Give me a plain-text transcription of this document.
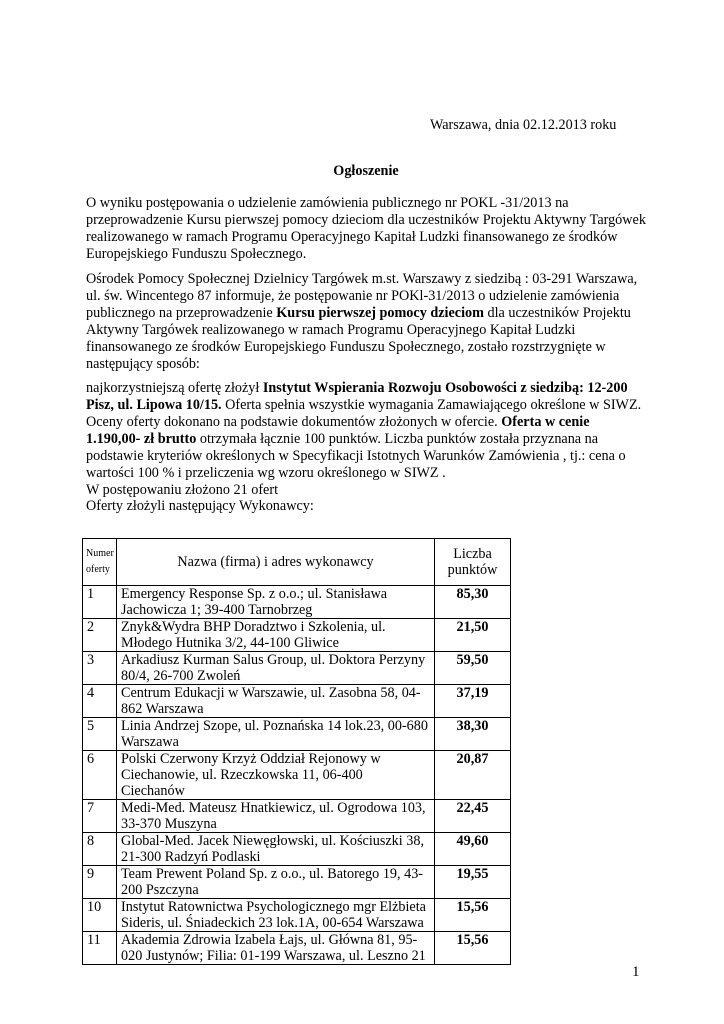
Warszawa, dnia 02.12.2013 roku
Ogłoszenie
O wyniku postępowania o udzielenie zamówienia publicznego nr POKL -31/2013 na przeprowadzenie Kursu pierwszej pomocy dzieciom dla uczestników Projektu Aktywny Targówek realizowanego w ramach Programu Operacyjnego Kapitał Ludzki finansowanego ze środków Europejskiego Funduszu Społecznego.
Ośrodek Pomocy Społecznej Dzielnicy Targówek m.st. Warszawy z siedzibą : 03-291 Warszawa, ul. św. Wincentego 87 informuje, że postępowanie nr POKl-31/2013 o udzielenie zamówienia publicznego na przeprowadzenie Kursu pierwszej pomocy dzieciom dla uczestników Projektu Aktywny Targówek realizowanego w ramach Programu Operacyjnego Kapitał Ludzki finansowanego ze środków Europejskiego Funduszu Społecznego, zostało rozstrzygnięte w następujący sposób:
najkorzystniejszą ofertę złożył Instytut Wspierania Rozwoju Osobowości z siedzibą: 12-200 Pisz, ul. Lipowa 10/15. Oferta spełnia wszystkie wymagania Zamawiającego określone w SIWZ. Oceny oferty dokonano na podstawie dokumentów złożonych w ofercie. Oferta w cenie 1.190,00- zł brutto otrzymała łącznie 100 punktów. Liczba punktów została przyznana na podstawie kryteriów określonych w Specyfikacji Istotnych Warunków Zamówienia , tj.: cena o wartości 100 % i przeliczenia wg wzoru określonego w SIWZ .
W postępowaniu złożono 21 ofert
Oferty złożyli następujący Wykonawcy:
Numer oferty	Nazwa (firma) i adres wykonawcy	Liczba punktów
1	Emergency Response Sp. z o.o.; ul. Stanisława Jachowicza 1; 39-400 Tarnobrzeg	85,30
2	Znyk&Wydra BHP Doradztwo i Szkolenia, ul. Młodego Hutnika 3/2, 44-100 Gliwice	21,50
3	Arkadiusz Kurman Salus Group, ul. Doktora Perzyny 80/4, 26-700 Zwoleń	59,50
4	Centrum Edukacji w Warszawie, ul. Zasobna 58, 04-862 Warszawa	37,19
5	Linia Andrzej Szope, ul. Poznańska 14 lok.23, 00-680 Warszawa	38,30
6	Polski Czerwony Krzyż Oddział Rejonowy w Ciechanowie, ul. Rzeczkowska 11, 06-400 Ciechanów	20,87
7	Medi-Med. Mateusz Hnatkiewicz, ul. Ogrodowa 103, 33-370 Muszyna	22,45
8	Global-Med. Jacek Niewęgłowski, ul. Kościuszki 38, 21-300 Radzyń Podlaski	49,60
9	Team Prewent Poland Sp. z o.o., ul. Batorego 19, 43-200 Pszczyna	19,55
10	Instytut Ratownictwa Psychologicznego mgr Elżbieta Sideris, ul. Śniadeckich 23 lok.1A, 00-654 Warszawa	15,56
11	Akademia Zdrowia Izabela Łajs, ul. Główna 81, 95-020 Justynów; Filia: 01-199 Warszawa, ul. Leszno 21	15,56
1
